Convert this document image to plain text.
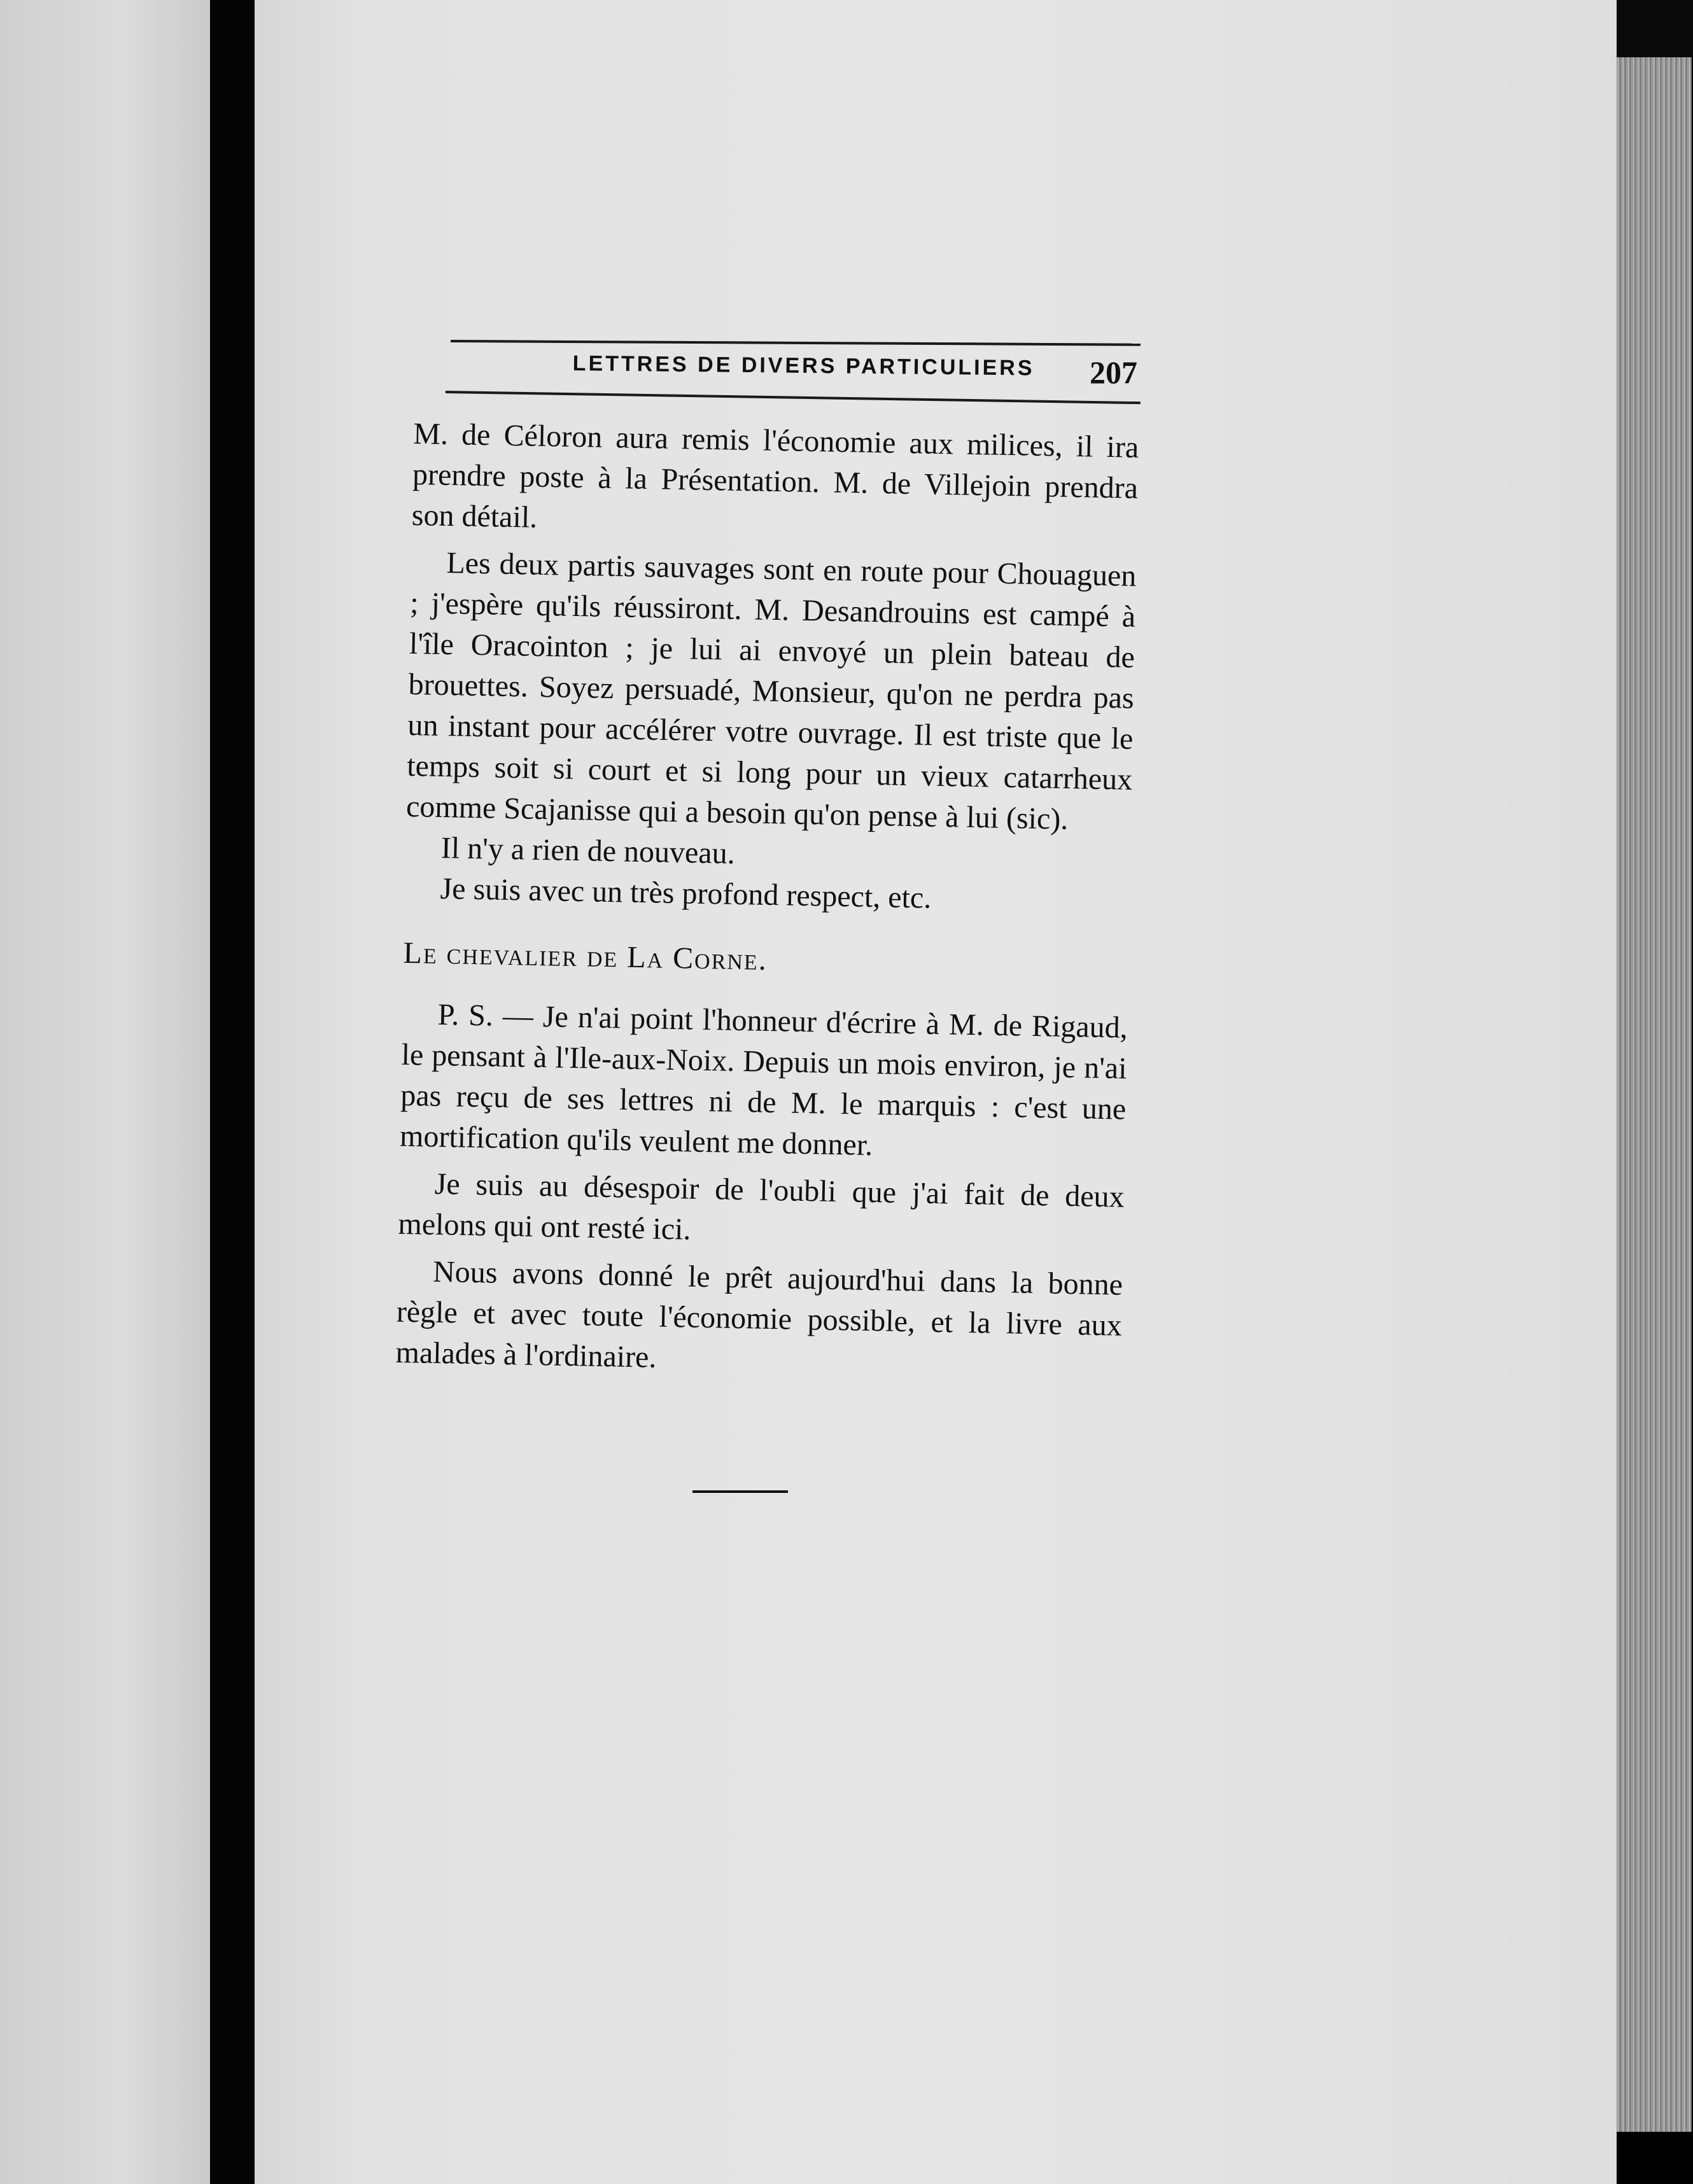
LETTRES DE DIVERS PARTICULIERS 207

M. de Céloron aura remis l'économie aux milices, il ira prendre poste à la Présentation. M. de Villejoin prendra son détail.

Les deux partis sauvages sont en route pour Chouaguen ; j'espère qu'ils réussiront. M. Desandrouins est campé à l'île Oracointon ; je lui ai envoyé un plein bateau de brouettes. Soyez persuadé, Monsieur, qu'on ne perdra pas un instant pour accélérer votre ouvrage. Il est triste que le temps soit si court et si long pour un vieux catarrheux comme Scajanisse qui a besoin qu'on pense à lui (sic).

Il n'y a rien de nouveau.

Je suis avec un très profond respect, etc.

Le chevalier de La Corne.

P. S. — Je n'ai point l'honneur d'écrire à M. de Rigaud, le pensant à l'Ile-aux-Noix. Depuis un mois environ, je n'ai pas reçu de ses lettres ni de M. le marquis : c'est une mortification qu'ils veulent me donner.

Je suis au désespoir de l'oubli que j'ai fait de deux melons qui ont resté ici.

Nous avons donné le prêt aujourd'hui dans la bonne règle et avec toute l'économie possible, et la livre aux malades à l'ordinaire.
